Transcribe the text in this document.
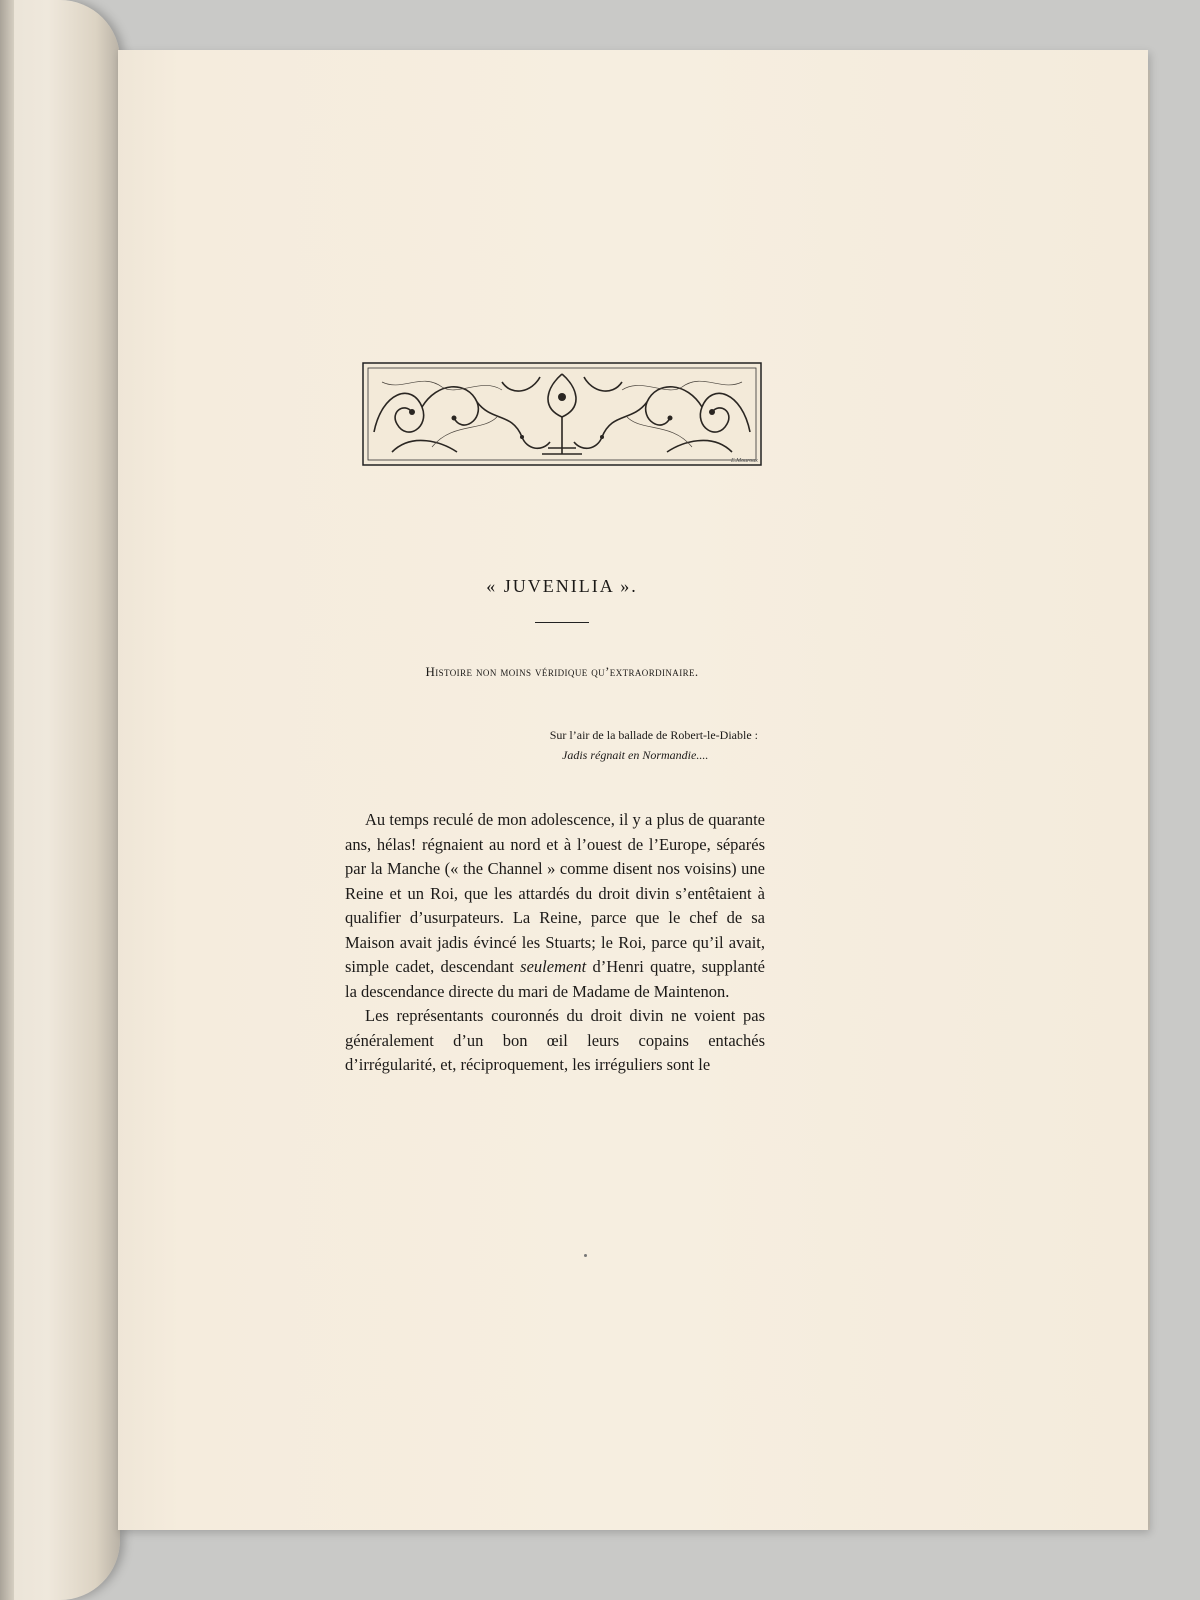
E.Mouroux
« JUVENILIA ».
Histoire non moins véridique qu’extraordinaire.
Sur l’air de la ballade de Robert-le-Diable :
Jadis régnait en Normandie....

Au temps reculé de mon adolescence, il y a plus de quarante ans, hélas! régnaient au nord et à l’ouest de l’Europe, séparés par la Manche (« the Channel » comme disent nos voisins) une Reine et un Roi, que les attardés du droit divin s’entêtaient à qualifier d’usurpateurs. La Reine, parce que le chef de sa Maison avait jadis évincé les Stuarts; le Roi, parce qu’il avait, simple cadet, descendant seulement d’Henri quatre, supplanté la descendance directe du mari de Madame de Maintenon.

Les représentants couronnés du droit divin ne voient pas généralement d’un bon œil leurs copains entachés d’irrégularité, et, réciproquement, les irréguliers sont le
